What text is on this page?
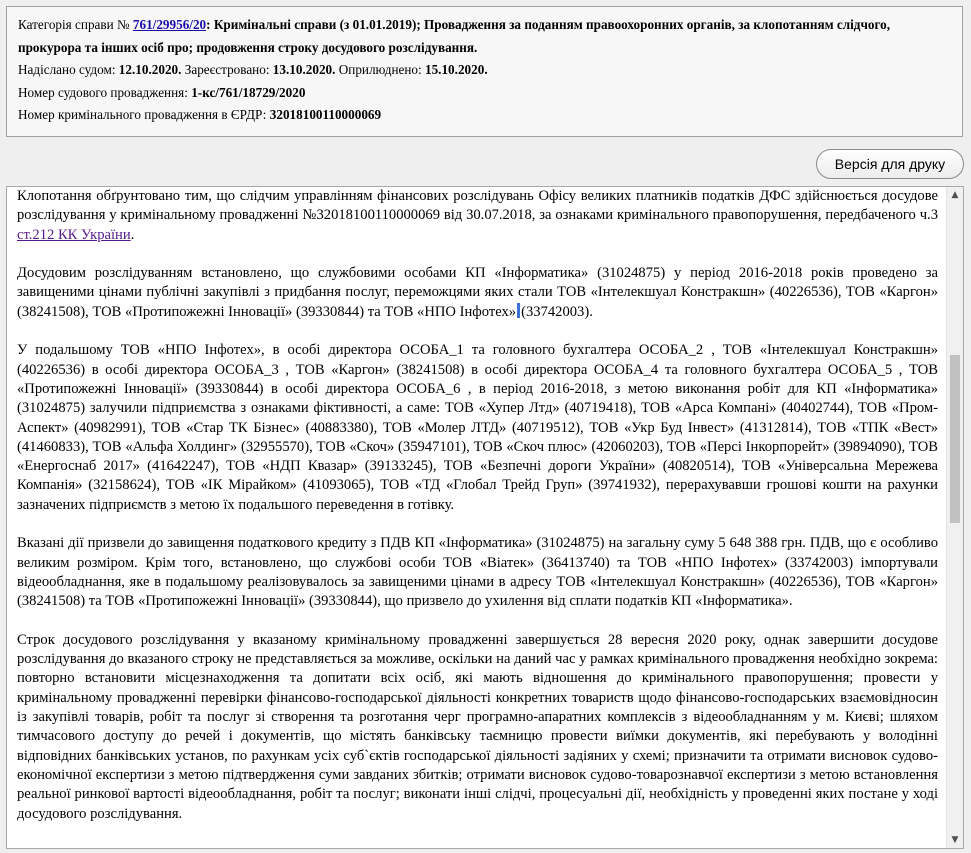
Категорія справи № 761/29956/20: Кримінальні справи (з 01.01.2019); Провадження за поданням правоохоронних органів, за клопотанням слідчого, прокурора та інших осіб про; продовження строку досудового розслідування.
Надіслано судом: 12.10.2020. Зареєстровано: 13.10.2020. Оприлюднено: 15.10.2020.
Номер судового провадження: 1-кс/761/18729/2020
Номер кримінального провадження в ЄРДР: 32018100110000069
Версія для друку

Клопотання обґрунтовано тим, що слідчим управлінням фінансових розслідувань Офісу великих платників податків ДФС здійснюється досудове розслідування у кримінальному провадженні №32018100110000069 від 30.07.2018, за ознаками кримінального правопорушення, передбаченого ч.3 ст.212 КК України.

Досудовим розслідуванням встановлено, що службовими особами КП «Інформатика» (31024875) у період 2016-2018 років проведено за завищеними цінами публічні закупівлі з придбання послуг, переможцями яких стали ТОВ «Інтелекшуал Констракшн» (40226536), ТОВ «Каргон» (38241508), ТОВ «Протипожежні Інновації» (39330844) та ТОВ «НПО Інфотех» (33742003).

У подальшому ТОВ «НПО Інфотех», в особі директора ОСОБА_1 та головного бухгалтера ОСОБА_2 , ТОВ «Інтелекшуал Констракшн» (40226536) в особі директора ОСОБА_3 , ТОВ «Каргон» (38241508) в особі директора ОСОБА_4 та головного бухгалтера ОСОБА_5 , ТОВ «Протипожежні Інновації» (39330844) в особі директора ОСОБА_6 , в період 2016-2018, з метою виконання робіт для КП «Інформатика» (31024875) залучили підприємства з ознаками фіктивності, а саме: ТОВ «Хупер Лтд» (40719418), ТОВ «Арса Компані» (40402744), ТОВ «Пром-Аспект» (40982991), ТОВ «Стар ТК Бізнес» (40883380), ТОВ «Молер ЛТД» (40719512), ТОВ «Укр Буд Інвест» (41312814), ТОВ «ТПК «Вест» (41460833), ТОВ «Альфа Холдинг» (32955570), ТОВ «Скоч» (35947101), ТОВ «Скоч плюс» (42060203), ТОВ «Персі Інкорпорейт» (39894090), ТОВ «Енергоснаб 2017» (41642247), ТОВ «НДП Квазар» (39133245), ТОВ «Безпечні дороги України» (40820514), ТОВ «Універсальна Мережева Компанія» (32158624), ТОВ «ІК Мірайком» (41093065), ТОВ «ТД «Глобал Трейд Груп» (39741932), перерахувавши грошові кошти на рахунки зазначених підприємств з метою їх подальшого переведення в готівку.

Вказані дії призвели до завищення податкового кредиту з ПДВ КП «Інформатика» (31024875) на загальну суму 5 648 388 грн. ПДВ, що є особливо великим розміром. Крім того, встановлено, що службові особи ТОВ «Віатек» (36413740) та ТОВ «НПО Інфотех» (33742003) імпортували відеообладнання, яке в подальшому реалізовувалось за завищеними цінами в адресу ТОВ «Інтелекшуал Констракшн» (40226536), ТОВ «Каргон» (38241508) та ТОВ «Протипожежні Інновації» (39330844), що призвело до ухилення від сплати податків КП «Інформатика».

Строк досудового розслідування у вказаному кримінальному провадженні завершується 28 вересня 2020 року, однак завершити досудове розслідування до вказаного строку не представляється за можливе, оскільки на даний час у рамках кримінального провадження необхідно зокрема: повторно встановити місцезнаходження та допитати всіх осіб, які мають відношення до кримінального правопорушення; провести у кримінальному провадженні перевірки фінансово-господарської діяльності конкретних товариств щодо фінансово-господарських взаємовідносин із закупівлі товарів, робіт та послуг зі створення та розготання черг програмно-апаратних комплексів з відеообладнанням у м. Києві; шляхом тимчасового доступу до речей і документів, що містять банківську таємницю провести виїмки документів, які перебувають у володінні відповідних банківських установ, по рахункам усіх суб`єктів господарської діяльності задіяних у схемі; призначити та отримати висновок судово-економічної експертизи з метою підтвердження суми завданих збитків; отримати висновок судово-товарознавчої експертизи з метою встановлення реальної ринкової вартості відеообладнання, робіт та послуг; виконати інші слідчі, процесуальні дії, необхідність у проведенні яких постане у ході досудового розслідування.

▲
▼
